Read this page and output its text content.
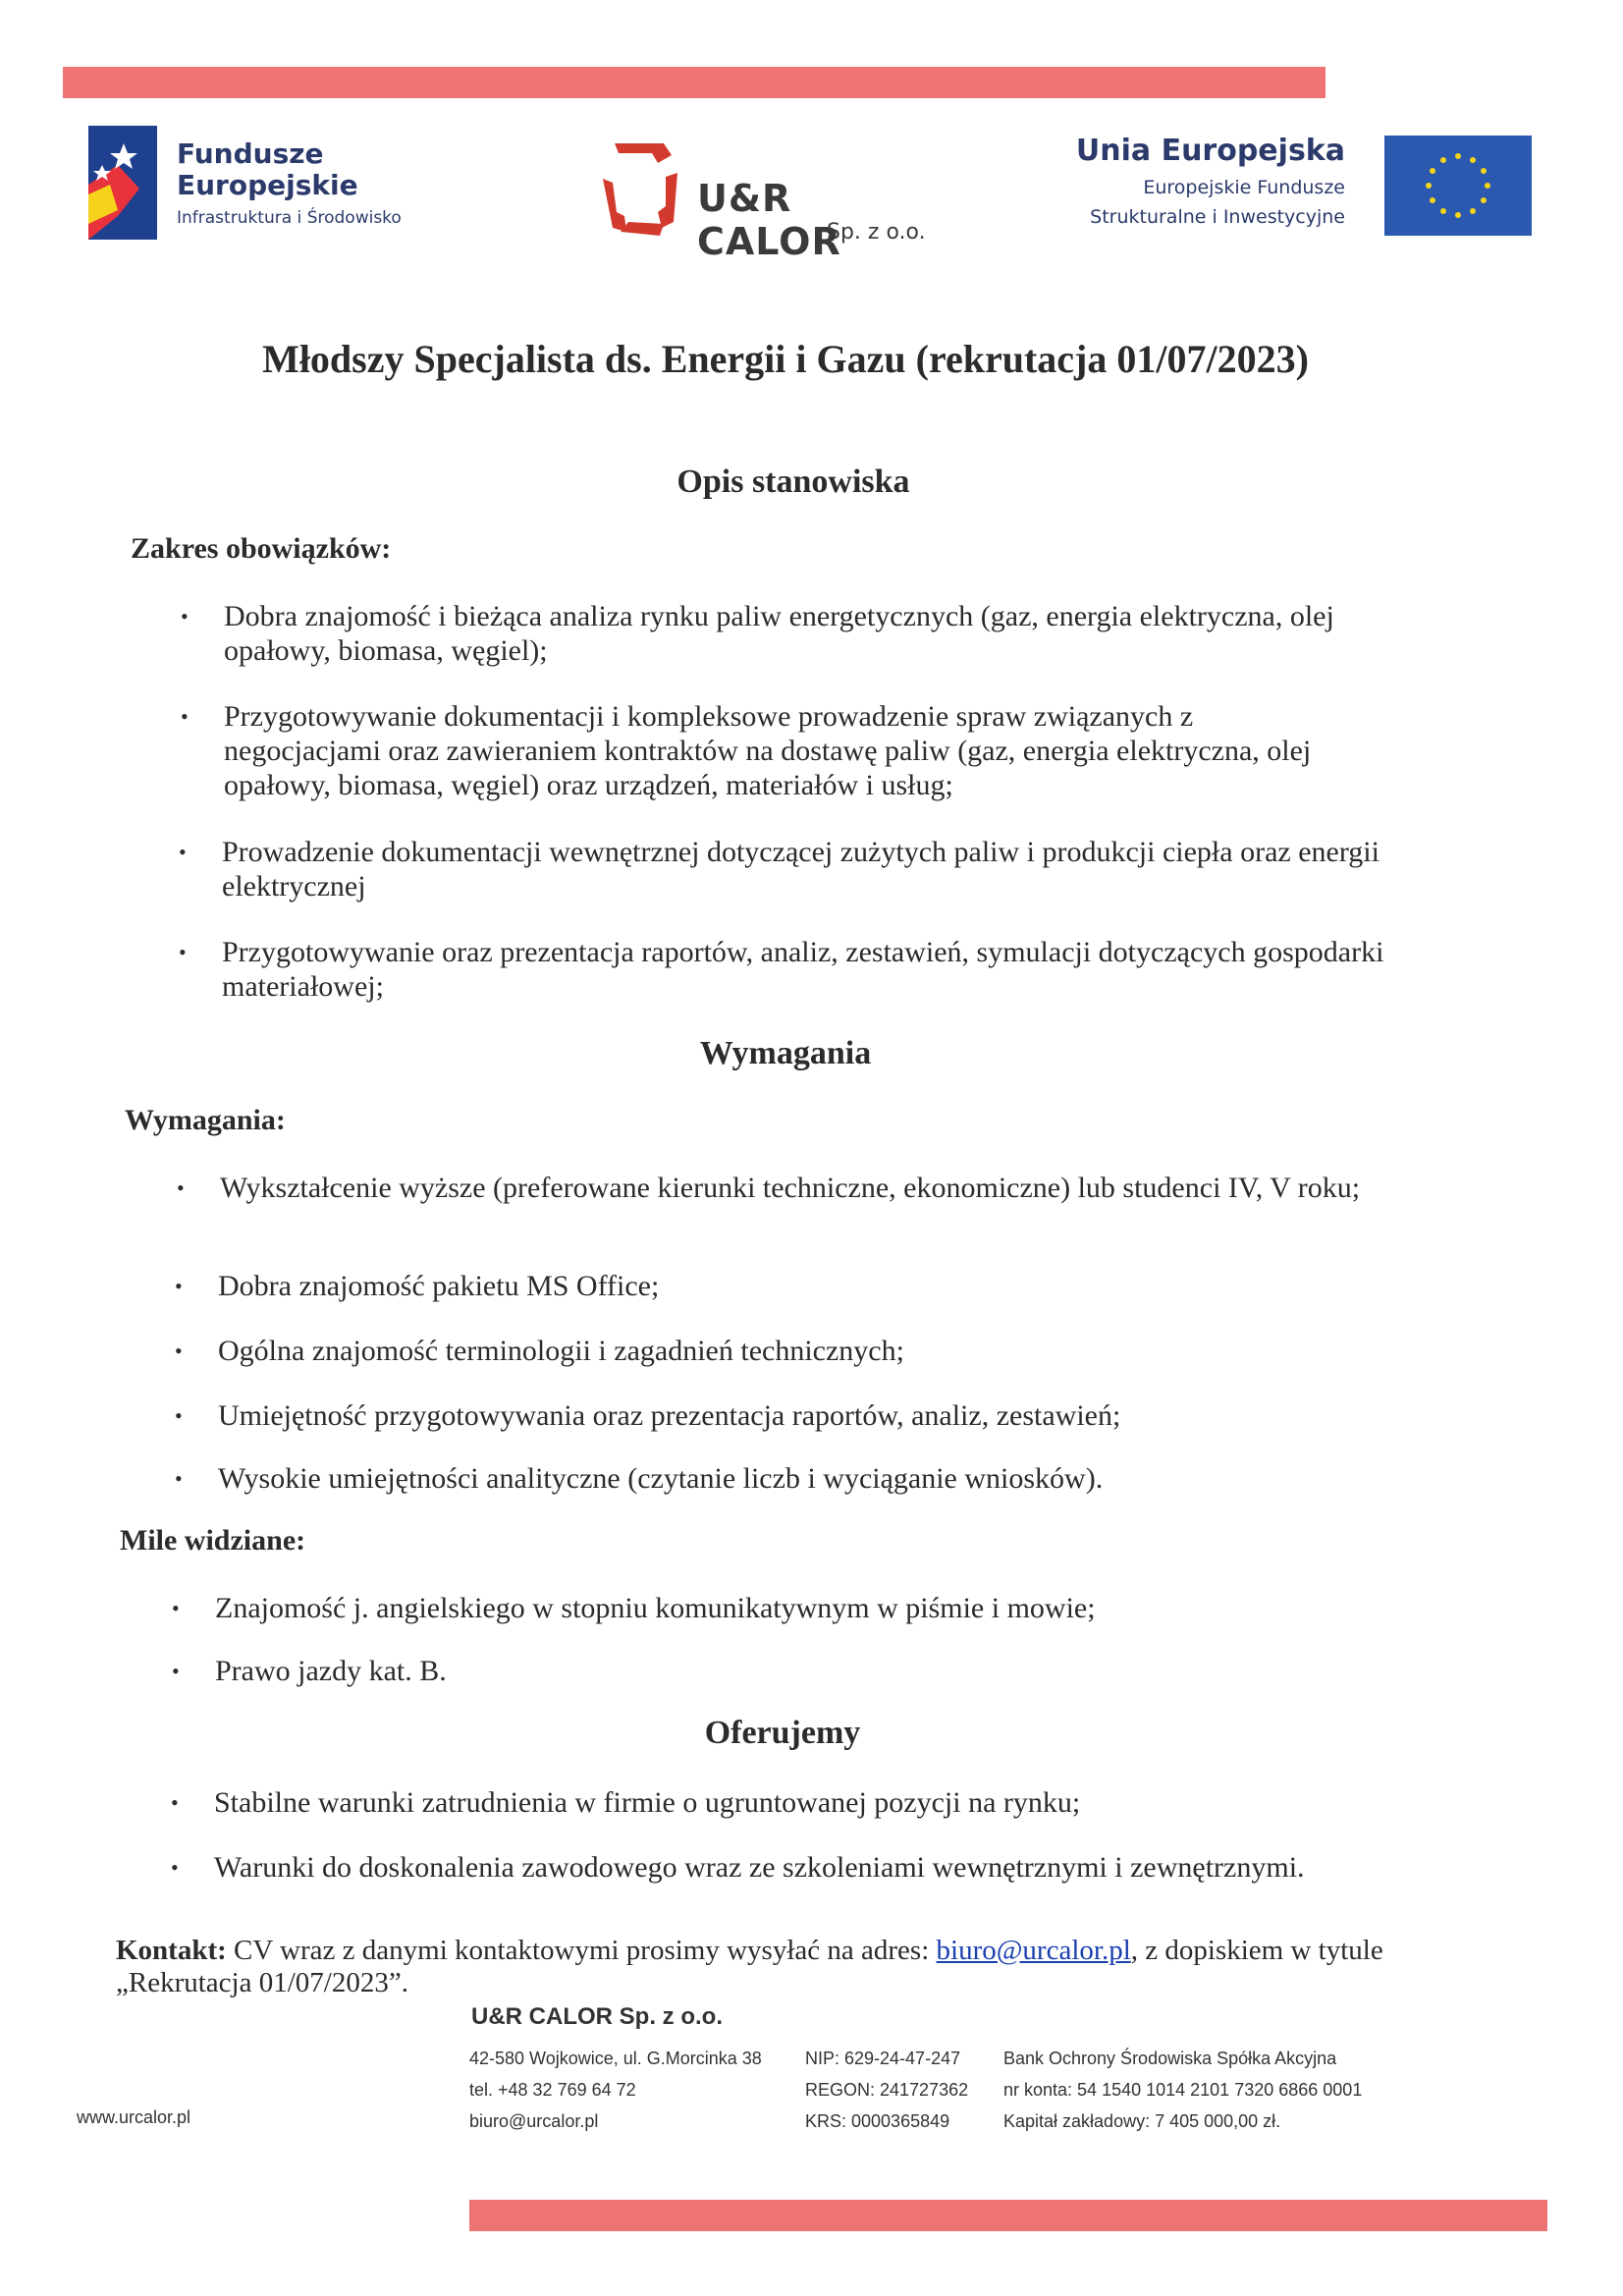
Fundusze
Europejskie
Infrastruktura i Środowisko	U&R CALOR
Sp. z o.o.
Unia Europejska
Europejskie Fundusze
Strukturalne i Inwestycyjne
Młodszy Specjalista ds. Energii i Gazu (rekrutacja 01/07/2023)
Opis stanowiska
Zakres obowiązków:
• Dobra znajomość i bieżąca analiza rynku paliw energetycznych (gaz, energia elektryczna, olej opałowy, biomasa, węgiel);
• Przygotowywanie dokumentacji i kompleksowe prowadzenie spraw związanych z negocjacjami oraz zawieraniem kontraktów na dostawę paliw (gaz, energia elektryczna, olej opałowy, biomasa, węgiel) oraz urządzeń, materiałów i usług;
• Prowadzenie dokumentacji wewnętrznej dotyczącej zużytych paliw i produkcji ciepła oraz energii elektrycznej
• Przygotowywanie oraz prezentacja raportów, analiz, zestawień, symulacji dotyczących gospodarki materiałowej;
Wymagania
Wymagania:
• Wykształcenie wyższe (preferowane kierunki techniczne, ekonomiczne) lub studenci IV, V roku;
• Dobra znajomość pakietu MS Office;
• Ogólna znajomość terminologii i zagadnień technicznych;
• Umiejętność przygotowywania oraz prezentacja raportów, analiz, zestawień;
• Wysokie umiejętności analityczne (czytanie liczb i wyciąganie wniosków).
Mile widziane:
• Znajomość j. angielskiego w stopniu komunikatywnym w piśmie i mowie;
• Prawo jazdy kat. B.
Oferujemy
• Stabilne warunki zatrudnienia w firmie o ugruntowanej pozycji na rynku;
• Warunki do doskonalenia zawodowego wraz ze szkoleniami wewnętrznymi i zewnętrznymi.
Kontakt: CV wraz z danymi kontaktowymi prosimy wysyłać na adres: biuro@urcalor.pl, z dopiskiem w tytule
„Rekrutacja 01/07/2023”.
U&R CALOR Sp. z o.o.
42-580 Wojkowice, ul. G.Morcinka 38
tel. +48 32 769 64 72
biuro@urcalor.pl
NIP: 629-24-47-247
REGON: 241727362
KRS: 0000365849
Bank Ochrony Środowiska Spółka Akcyjna
nr konta: 54 1540 1014 2101 7320 6866 0001
Kapitał zakładowy: 7 405 000,00 zł.
www.urcalor.pl
